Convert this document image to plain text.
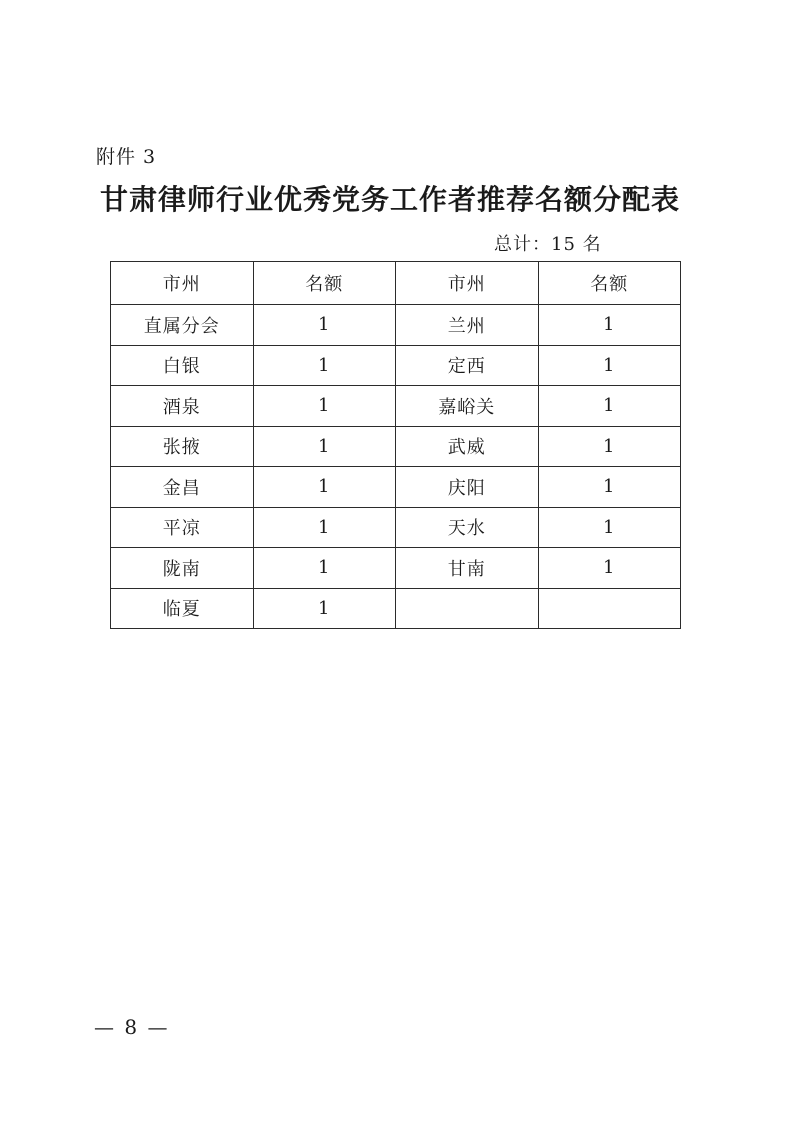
附件 3
甘肃律师行业优秀党务工作者推荐名额分配表
总计：15 名
市州	名额	市州	名额
直属分会	1	兰州	1
白银	1	定西	1
酒泉	1	嘉峪关	1
张掖	1	武威	1
金昌	1	庆阳	1
平凉	1	天水	1
陇南	1	甘南	1
临夏	1		
— 8 —
